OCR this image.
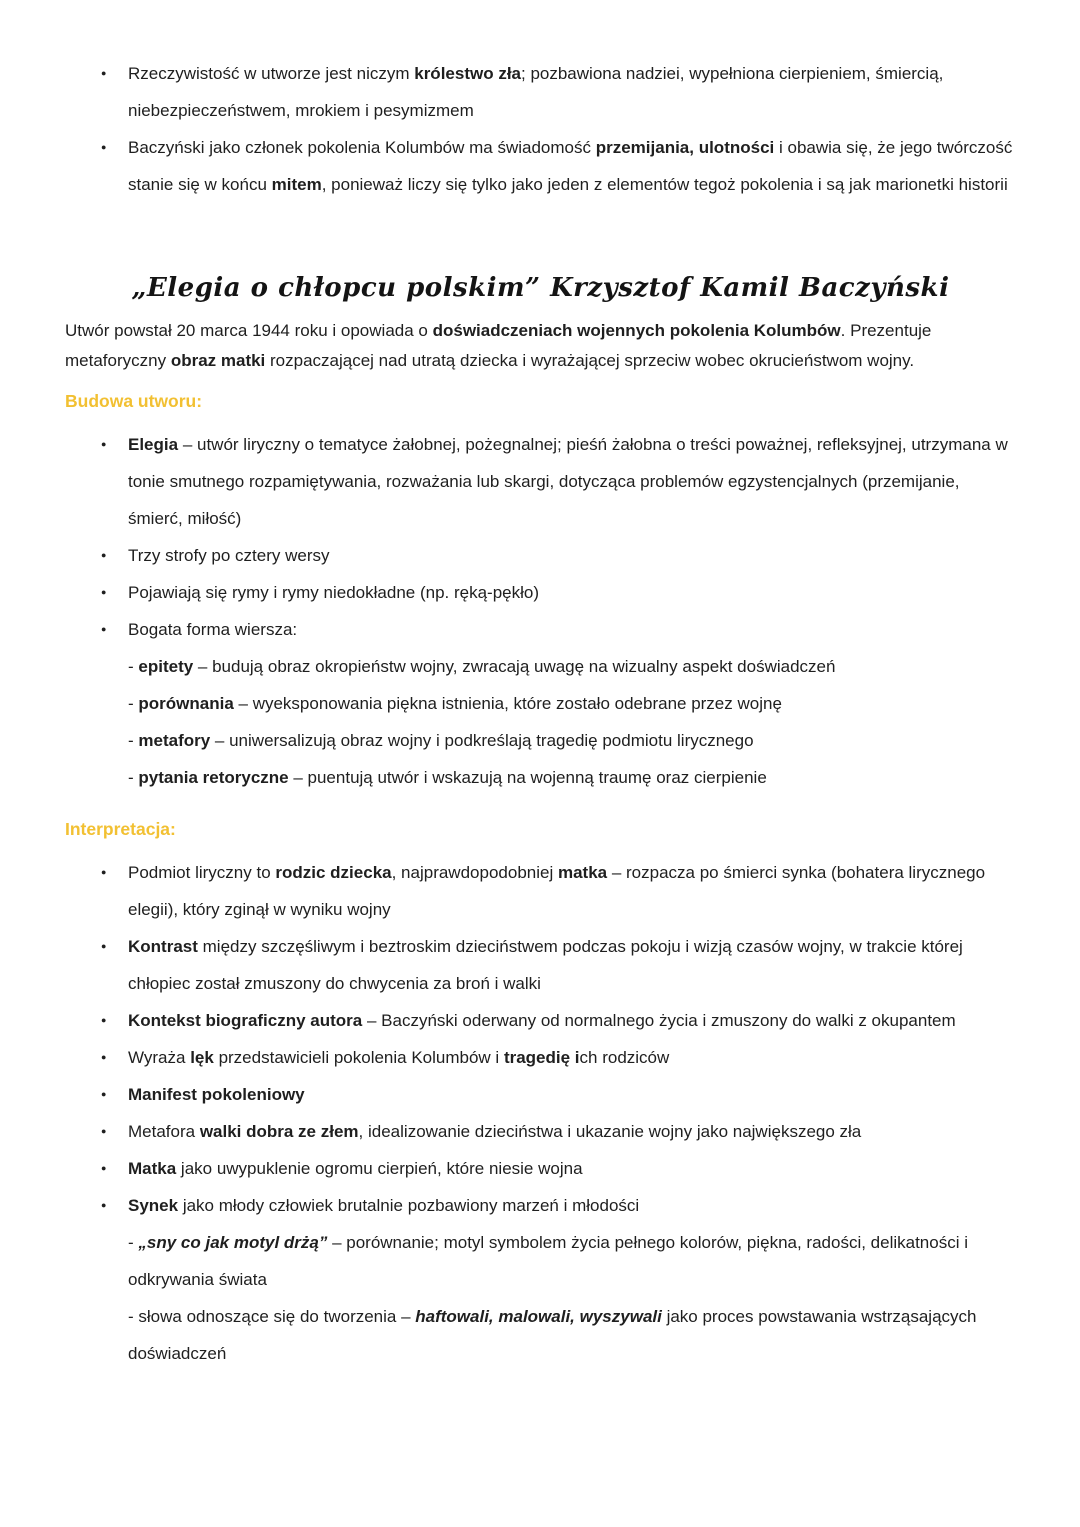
●	Rzeczywistość w utworze jest niczym królestwo zła; pozbawiona nadziei, wypełniona cierpieniem, śmiercią, niebezpieczeństwem, mrokiem i pesymizmem
●	Baczyński jako członek pokolenia Kolumbów ma świadomość przemijania, ulotności i obawia się, że jego twórczość stanie się w końcu mitem, ponieważ liczy się tylko jako jeden z elementów tegoż pokolenia i są jak marionetki historii
„Elegia o chłopcu polskim” Krzysztof Kamil Baczyński

Utwór powstał 20 marca 1944 roku i opowiada o doświadczeniach wojennych pokolenia Kolumbów. Prezentuje metaforyczny obraz matki rozpaczającej nad utratą dziecka i wyrażającej sprzeciw wobec okrucieństwom wojny.

Budowa utworu:
●	Elegia – utwór liryczny o tematyce żałobnej, pożegnalnej; pieśń żałobna o treści poważnej, refleksyjnej, utrzymana w tonie smutnego rozpamiętywania, rozważania lub skargi, dotycząca problemów egzystencjalnych (przemijanie, śmierć, miłość)
●	Trzy strofy po cztery wersy
●	Pojawiają się rymy i rymy niedokładne (np. ręką-pękło)
●	Bogata forma wiersza:
- epitety – budują obraz okropieństw wojny, zwracają uwagę na wizualny aspekt doświadczeń
- porównania – wyeksponowania piękna istnienia, które zostało odebrane przez wojnę
- metafory – uniwersalizują obraz wojny i podkreślają tragedię podmiotu lirycznego
- pytania retoryczne – puentują utwór i wskazują na wojenną traumę oraz cierpienie
Interpretacja:
●	Podmiot liryczny to rodzic dziecka, najprawdopodobniej matka – rozpacza po śmierci synka (bohatera lirycznego elegii), który zginął w wyniku wojny
●	Kontrast między szczęśliwym i beztroskim dzieciństwem podczas pokoju i wizją czasów wojny, w trakcie której chłopiec został zmuszony do chwycenia za broń i walki
●	Kontekst biograficzny autora – Baczyński oderwany od normalnego życia i zmuszony do walki z okupantem
●	Wyraża lęk przedstawicieli pokolenia Kolumbów i tragedię ich rodziców
●	Manifest pokoleniowy
●	Metafora walki dobra ze złem, idealizowanie dzieciństwa i ukazanie wojny jako największego zła
●	Matka jako uwypuklenie ogromu cierpień, które niesie wojna
●	Synek jako młody człowiek brutalnie pozbawiony marzeń i młodości
- „sny co jak motyl drżą” – porównanie; motyl symbolem życia pełnego kolorów, piękna, radości, delikatności i odkrywania świata
- słowa odnoszące się do tworzenia – haftowali, malowali, wyszywali jako proces powstawania wstrząsających doświadczeń
